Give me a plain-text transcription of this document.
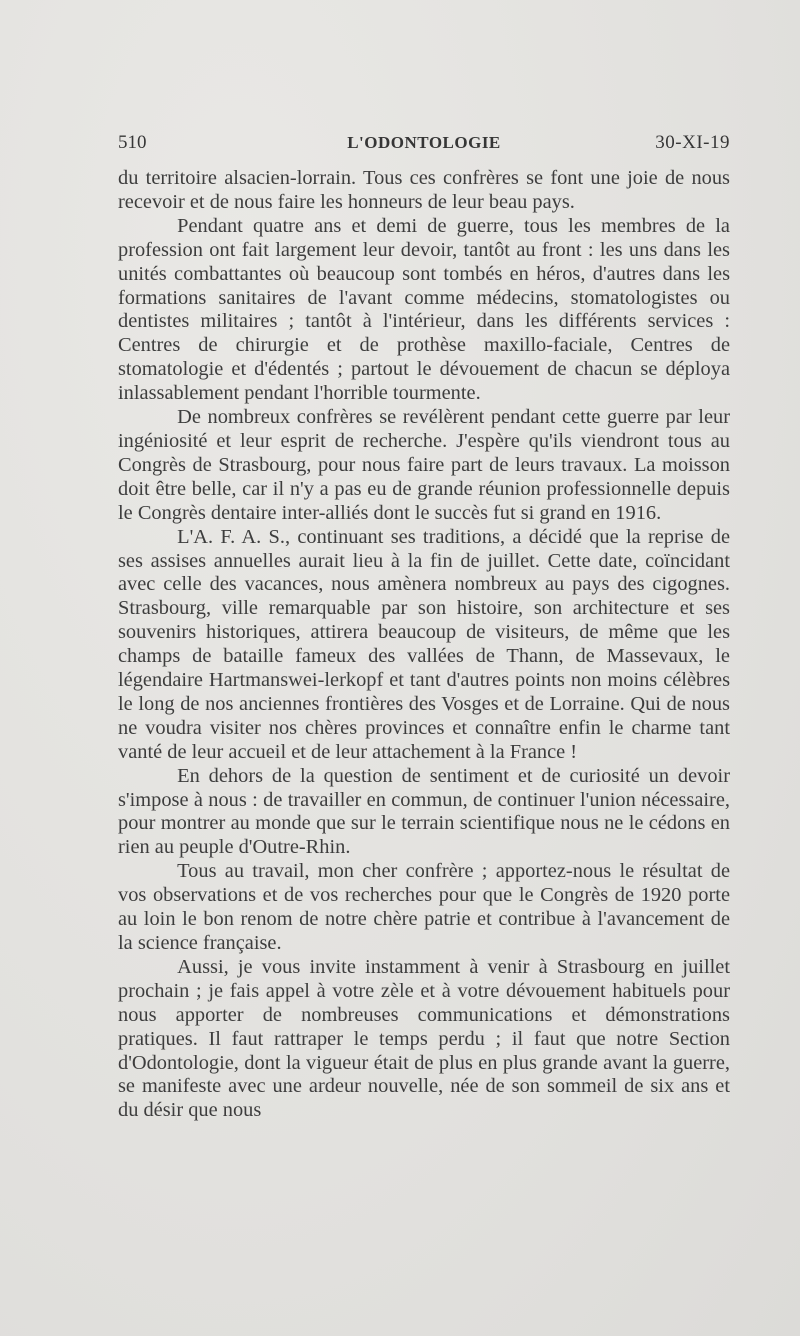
510	L'ODONTOLOGIE	30-XI-19

du territoire alsacien-lorrain. Tous ces confrères se font une joie de nous recevoir et de nous faire les honneurs de leur beau pays.

Pendant quatre ans et demi de guerre, tous les membres de la profession ont fait largement leur devoir, tantôt au front : les uns dans les unités combattantes où beaucoup sont tombés en héros, d'autres dans les formations sanitaires de l'avant comme médecins, stomatologistes ou dentistes militaires ; tantôt à l'intérieur, dans les différents services : Centres de chirurgie et de prothèse maxillo-faciale, Centres de stomatologie et d'édentés ; partout le dévouement de chacun se déploya inlassablement pendant l'horrible tourmente.

De nombreux confrères se revélèrent pendant cette guerre par leur ingéniosité et leur esprit de recherche. J'espère qu'ils viendront tous au Congrès de Strasbourg, pour nous faire part de leurs travaux. La moisson doit être belle, car il n'y a pas eu de grande réunion professionnelle depuis le Congrès dentaire inter-alliés dont le succès fut si grand en 1916.

L'A. F. A. S., continuant ses traditions, a décidé que la reprise de ses assises annuelles aurait lieu à la fin de juillet. Cette date, coïncidant avec celle des vacances, nous amènera nombreux au pays des cigognes. Strasbourg, ville remarquable par son histoire, son architecture et ses souvenirs historiques, attirera beaucoup de visiteurs, de même que les champs de bataille fameux des vallées de Thann, de Massevaux, le légendaire Hartmanswei-lerkopf et tant d'autres points non moins célèbres le long de nos anciennes frontières des Vosges et de Lorraine. Qui de nous ne voudra visiter nos chères provinces et connaître enfin le charme tant vanté de leur accueil et de leur attachement à la France !

En dehors de la question de sentiment et de curiosité un devoir s'impose à nous : de travailler en commun, de continuer l'union nécessaire, pour montrer au monde que sur le terrain scientifique nous ne le cédons en rien au peuple d'Outre-Rhin.

Tous au travail, mon cher confrère ; apportez-nous le résultat de vos observations et de vos recherches pour que le Congrès de 1920 porte au loin le bon renom de notre chère patrie et contribue à l'avancement de la science française.

Aussi, je vous invite instamment à venir à Strasbourg en juillet prochain ; je fais appel à votre zèle et à votre dévouement habituels pour nous apporter de nombreuses communications et démonstrations pratiques. Il faut rattraper le temps perdu ; il faut que notre Section d'Odontologie, dont la vigueur était de plus en plus grande avant la guerre, se manifeste avec une ardeur nouvelle, née de son sommeil de six ans et du désir que nous
